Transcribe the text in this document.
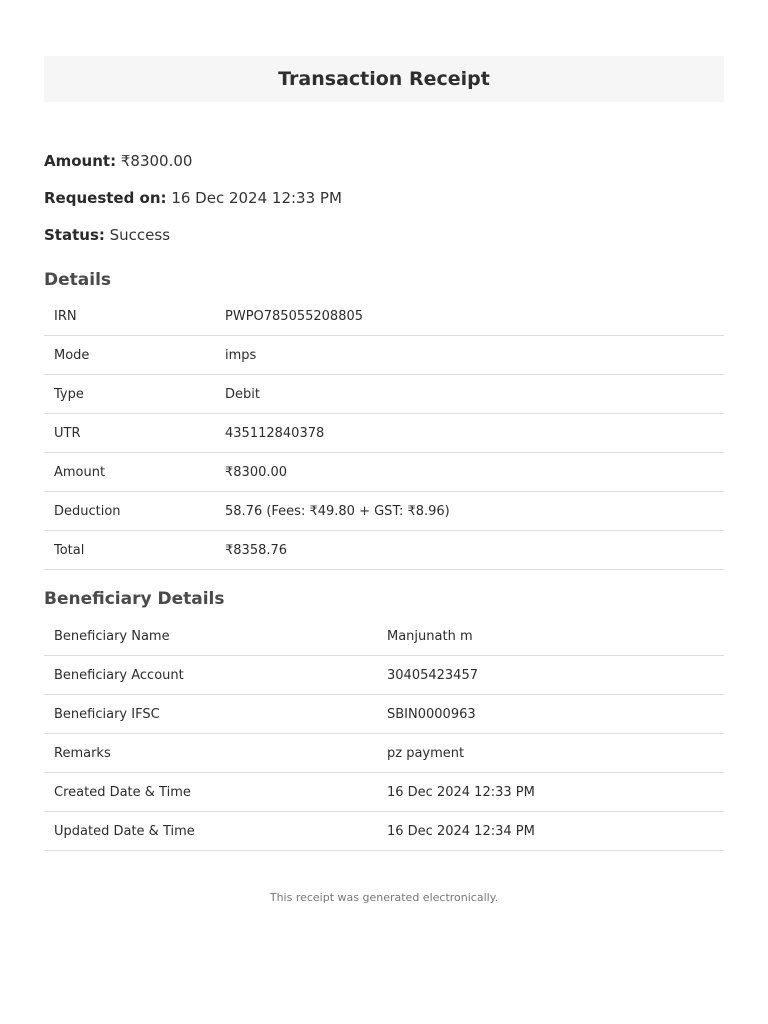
Transaction Receipt
Amount: ₹8300.00
Requested on: 16 Dec 2024 12:33 PM
Status: Success
Details
IRN	PWPO785055208805
Mode	imps
Type	Debit
UTR	435112840378
Amount	₹8300.00
Deduction	58.76 (Fees: ₹49.80 + GST: ₹8.96)
Total	₹8358.76
Beneficiary Details
Beneficiary Name	Manjunath m
Beneficiary Account	30405423457
Beneficiary IFSC	SBIN0000963
Remarks	pz payment
Created Date & Time	16 Dec 2024 12:33 PM
Updated Date & Time	16 Dec 2024 12:34 PM
This receipt was generated electronically.
